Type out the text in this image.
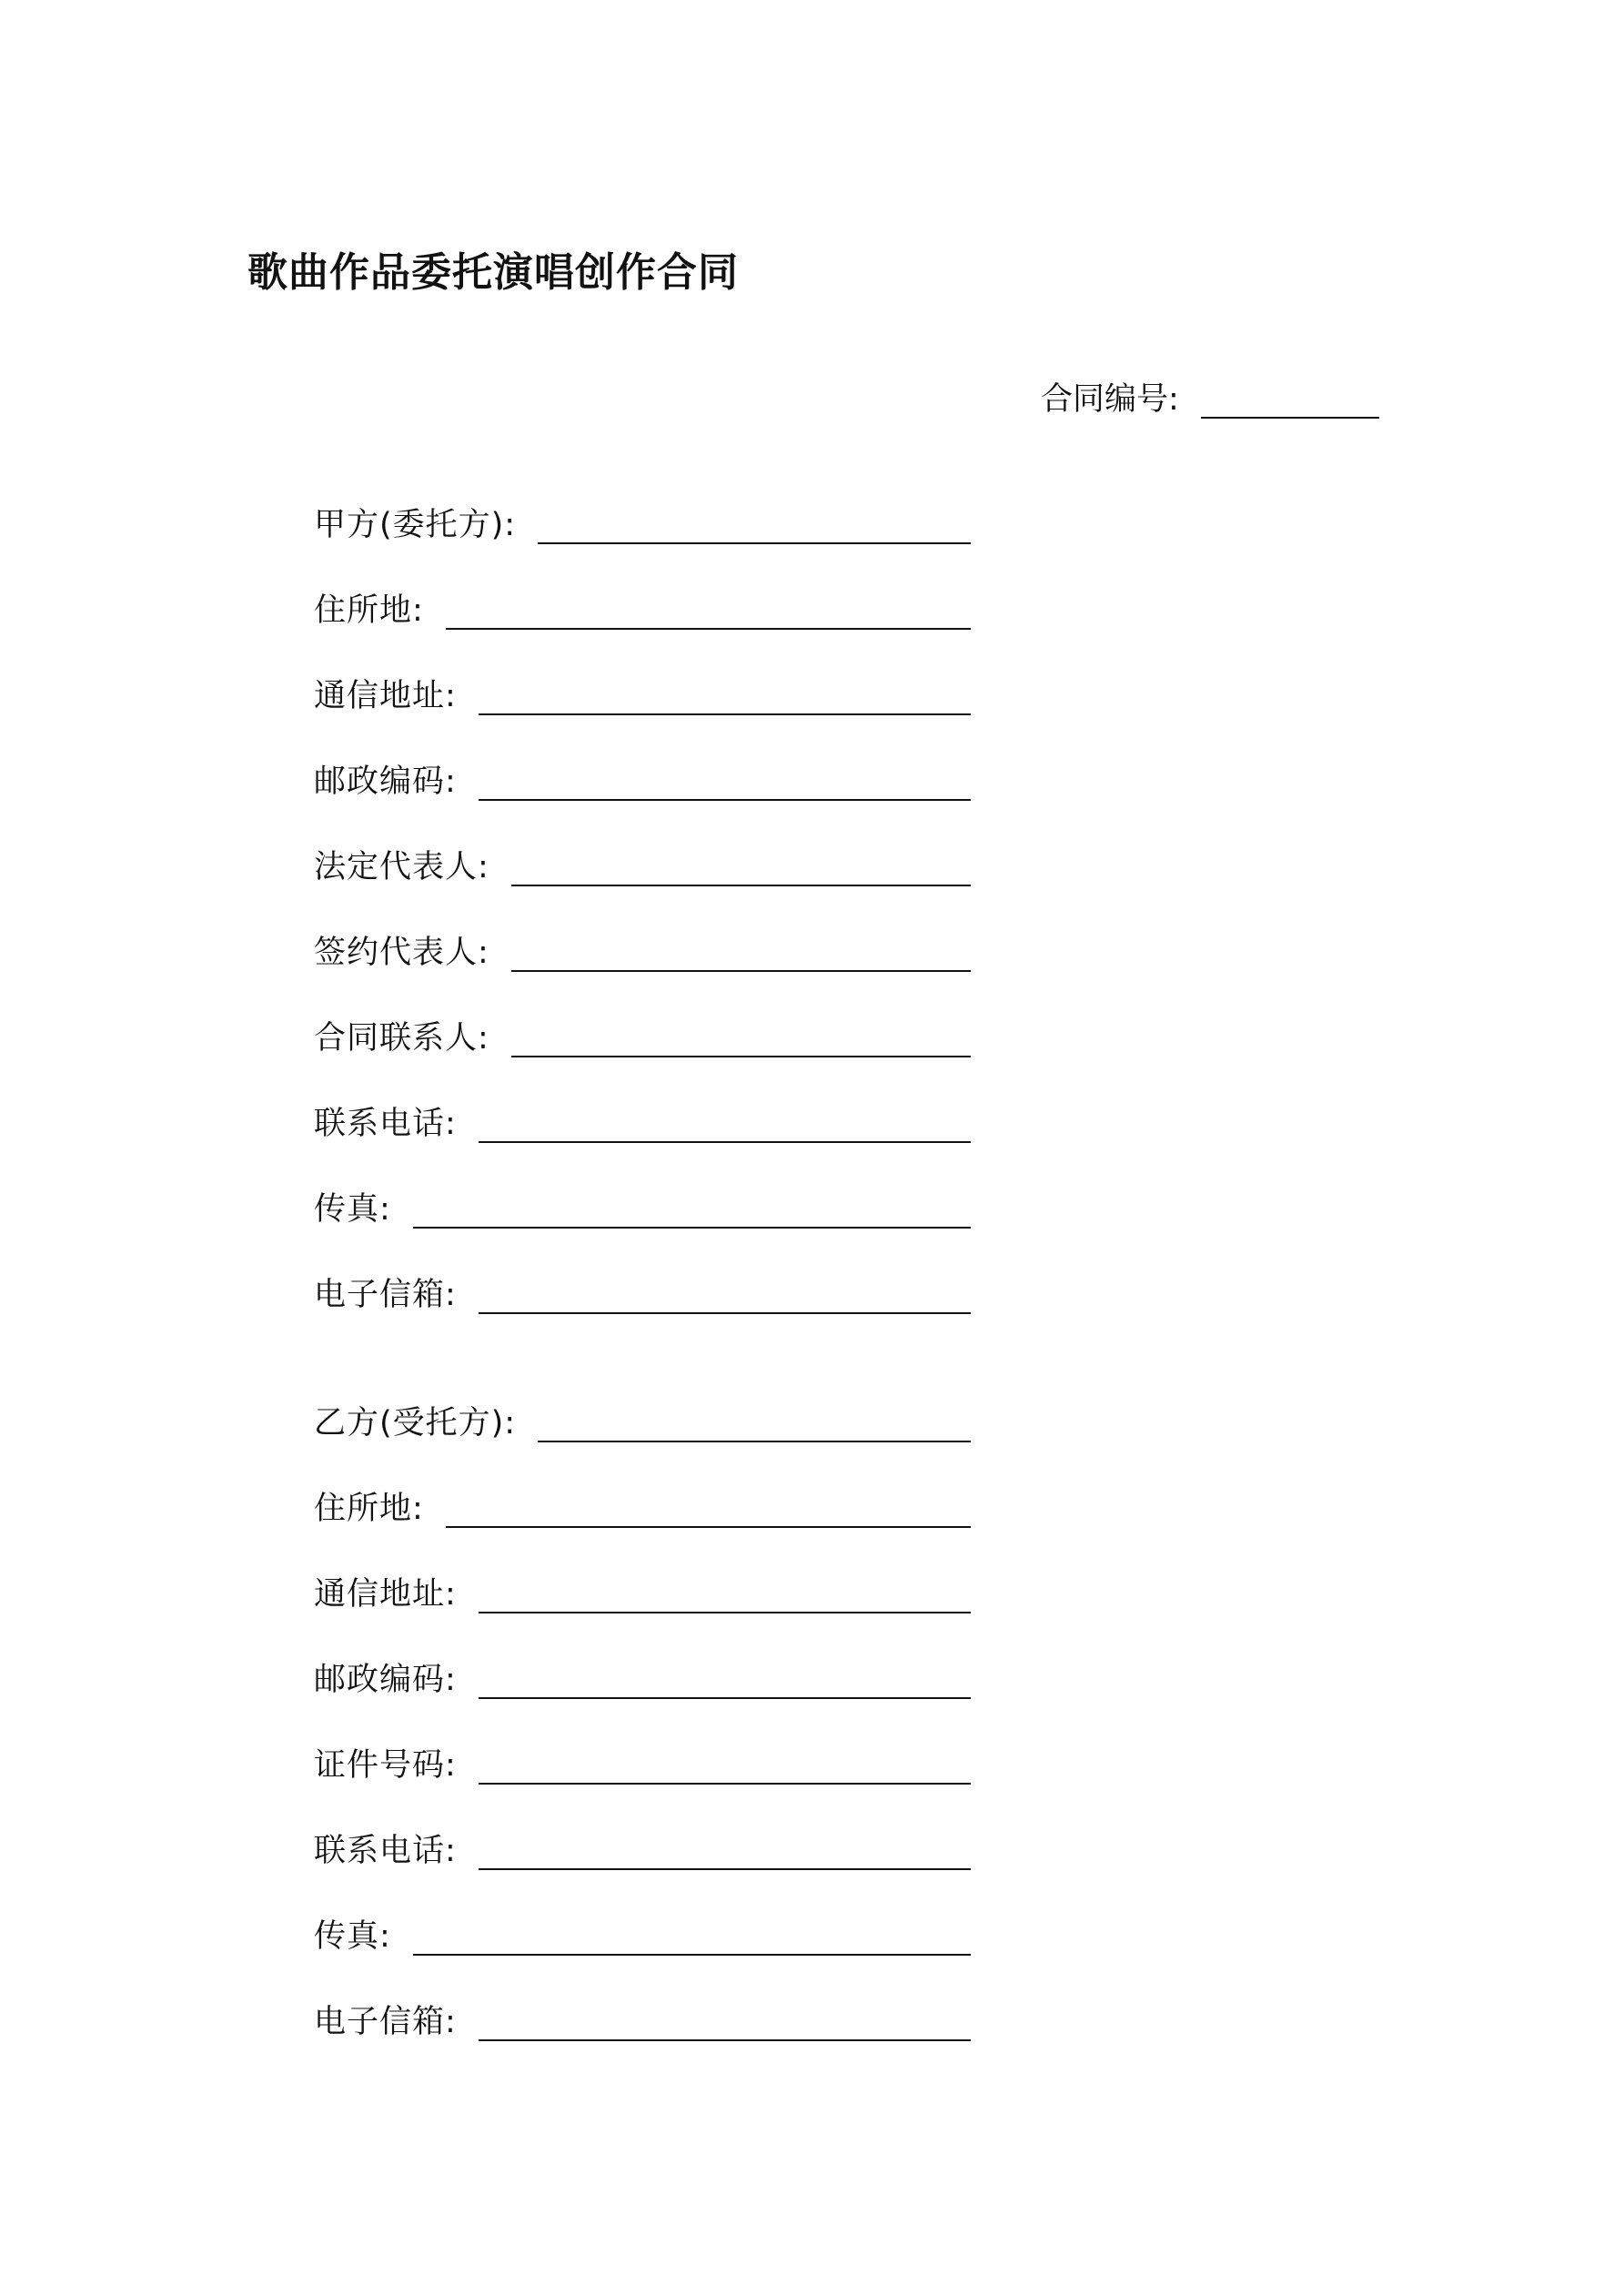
歌曲作品委托演唱创作合同
合同编号:
甲方(委托方):
住所地:
通信地址:
邮政编码:
法定代表人:
签约代表人:
合同联系人:
联系电话:
传真:
电子信箱:
乙方(受托方):
住所地:
通信地址:
邮政编码:
证件号码:
联系电话:
传真:
电子信箱:
